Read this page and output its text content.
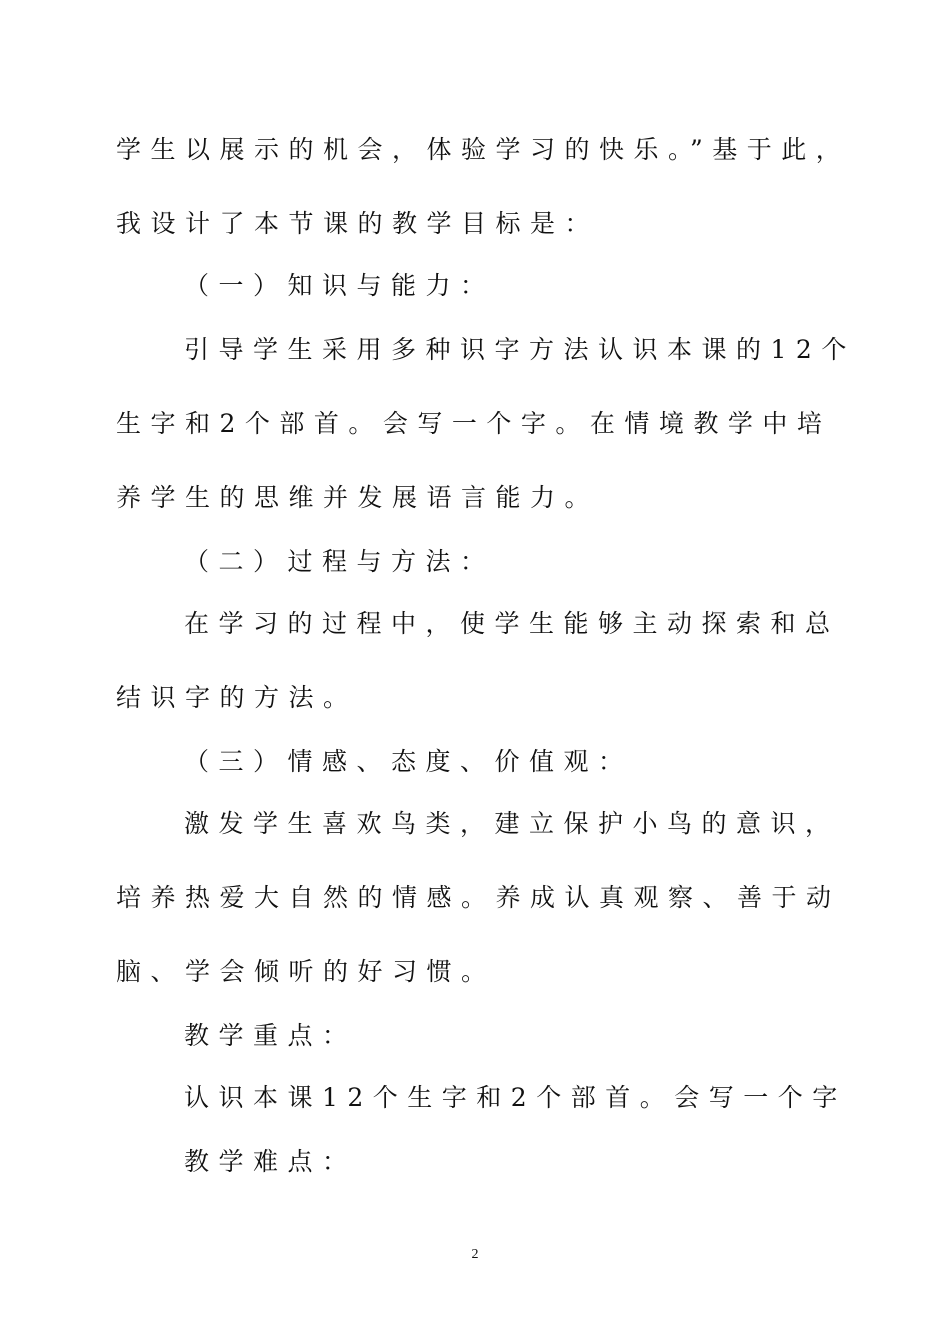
学生以展示的机会，体验学习的快乐。”基于此，

我设计了本节课的教学目标是：

（一）知识与能力：

引导学生采用多种识字方法认识本课的12个

生字和2个部首。会写一个字。在情境教学中培

养学生的思维并发展语言能力。

（二）过程与方法：

在学习的过程中，使学生能够主动探索和总

结识字的方法。

（三）情感、态度、价值观：

激发学生喜欢鸟类，建立保护小鸟的意识，

培养热爱大自然的情感。养成认真观察、善于动

脑、学会倾听的好习惯。

教学重点：

认识本课12个生字和2个部首。会写一个字

教学难点：

2
